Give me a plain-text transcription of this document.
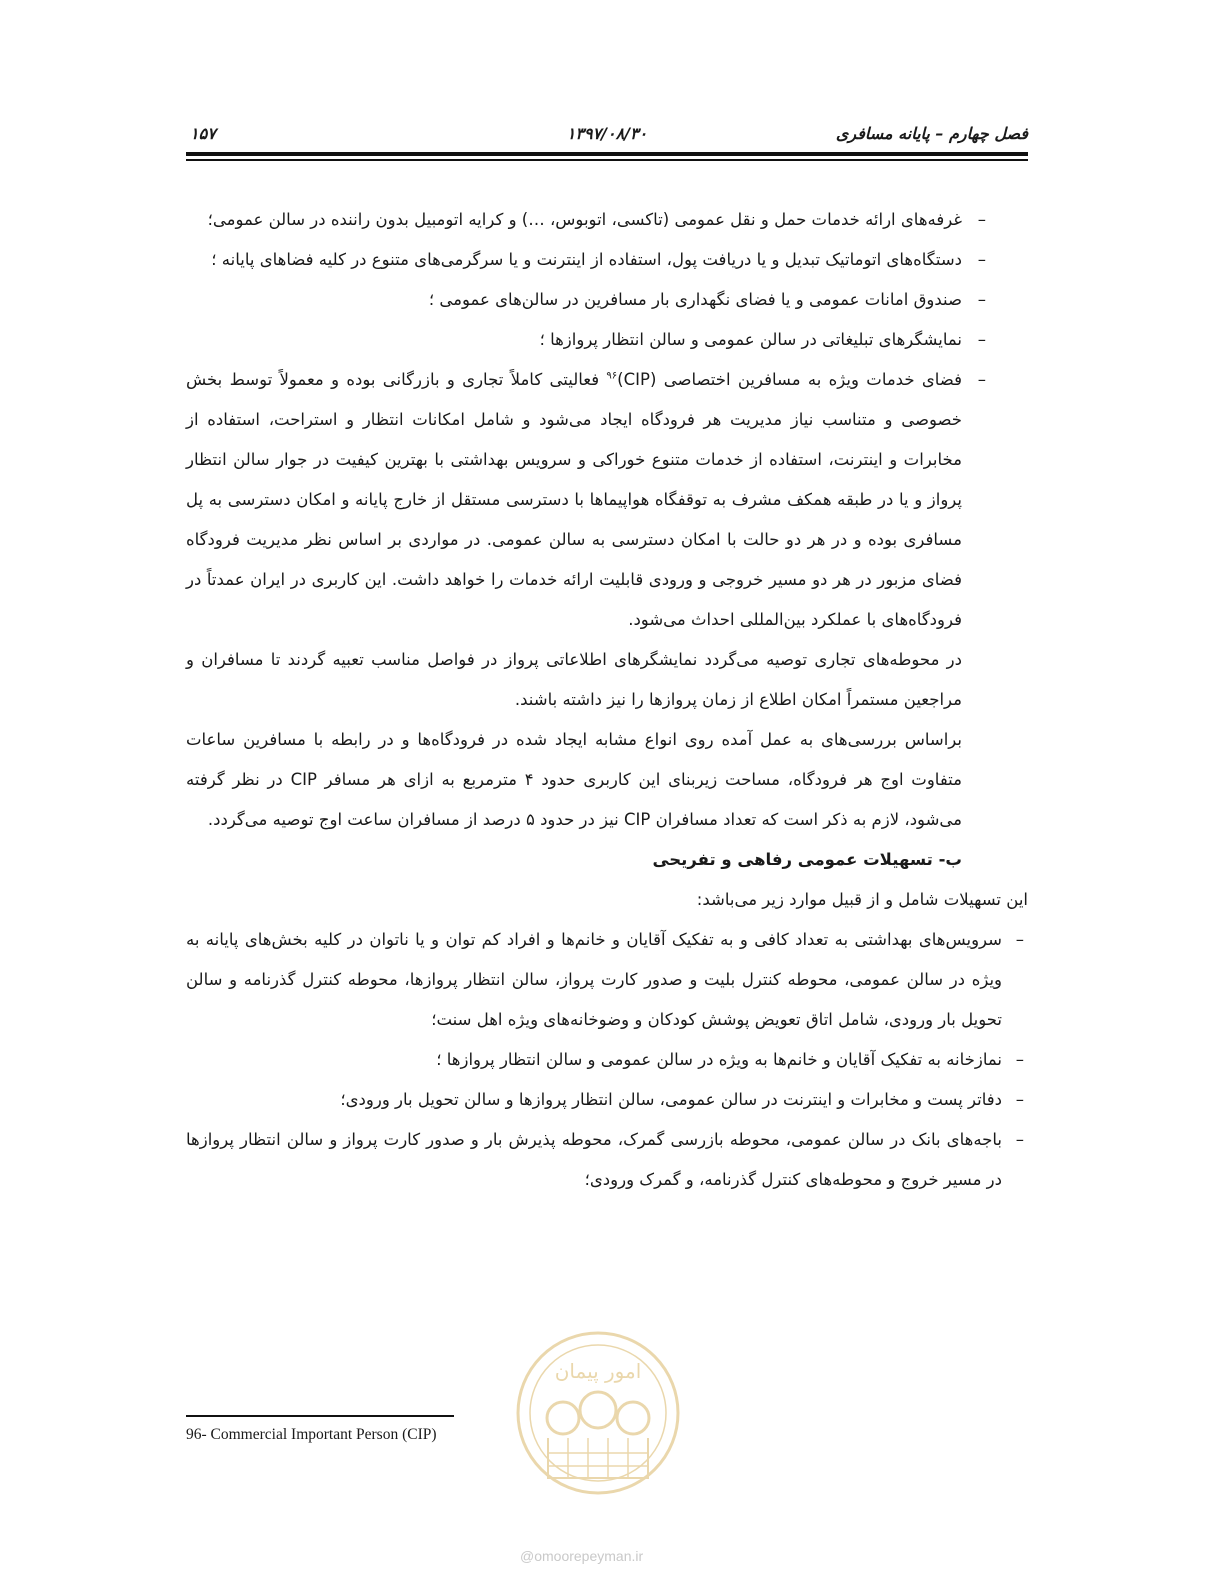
فصل چهارم – پایانه مسافری
۱۳۹۷/۰۸/۳۰
۱۵۷
–
غرفه‌های ارائه خدمات حمل و نقل عمومی (تاکسی، اتوبوس، …) و کرایه اتومبیل بدون راننده در سالن عمومی؛
–
دستگاه‌های اتوماتیک تبدیل و یا دریافت پول، استفاده از اینترنت و یا سرگرمی‌های متنوع در کلیه فضاهای پایانه ؛
–
صندوق امانات عمومی و یا فضای نگهداری بار مسافرین در سالن‌های عمومی ؛
–
نمایشگرهای تبلیغاتی در سالن عمومی و سالن انتظار پروازها ؛
–
فضای خدمات ویژه به مسافرین اختصاصی (CIP)$^{۹۶}$ فعالیتی کاملاً تجاری و بازرگانی بوده و معمولاً توسط بخش خصوصی و متناسب نیاز مدیریت هر فرودگاه ایجاد می‌شود و شامل امکانات انتظار و استراحت، استفاده از مخابرات و اینترنت، استفاده از خدمات متنوع خوراکی و سرویس بهداشتی با بهترین کیفیت در جوار سالن انتظار پرواز و یا در طبقه همکف مشرف به توقفگاه هواپیماها با دسترسی مستقل از خارج پایانه و امکان دسترسی به پل مسافری بوده و در هر دو حالت با امکان دسترسی به سالن عمومی. در مواردی بر اساس نظر مدیریت فرودگاه فضای مزبور در هر دو مسیر خروجی و ورودی قابلیت ارائه خدمات را خواهد داشت. این کاربری در ایران عمدتاً در فرودگاه‌های با عملکرد بین‌المللی احداث می‌شود.
در محوطه‌های تجاری توصیه می‌گردد نمایشگرهای اطلاعاتی پرواز در فواصل مناسب تعبیه گردند تا مسافران و مراجعین مستمراً امکان اطلاع از زمان پروازها را نیز داشته باشند.
براساس بررسی‌های به عمل آمده روی انواع مشابه ایجاد شده در فرودگاه‌ها و در رابطه با مسافرین ساعات متفاوت اوج هر فرودگاه، مساحت زیربنای این کاربری حدود ۴ مترمربع به ازای هر مسافر CIP در نظر گرفته می‌شود، لازم به ذکر است که تعداد مسافران CIP نیز در حدود ۵ درصد از مسافران ساعت اوج توصیه می‌گردد.
ب- تسهیلات عمومی رفاهی و تفریحی
این تسهیلات شامل و از قبیل موارد زیر می‌باشد:
–
سرویس‌های بهداشتی به تعداد کافی و به تفکیک آقایان و خانم‌ها و افراد کم توان و یا ناتوان در کلیه بخش‌های پایانه به ویژه در سالن عمومی، محوطه کنترل بلیت و صدور کارت پرواز، سالن انتظار پروازها، محوطه کنترل گذرنامه و سالن تحویل بار ورودی، شامل اتاق تعویض پوشش کودکان و وضوخانه‌های ویژه اهل سنت؛
–
نمازخانه به تفکیک آقایان و خانم‌ها به ویژه در سالن عمومی و سالن انتظار پروازها ؛
–
دفاتر پست و مخابرات و اینترنت در سالن عمومی، سالن انتظار پروازها و سالن تحویل بار ورودی؛
–
باجه‌های بانک در سالن عمومی، محوطه بازرسی گمرک، محوطه پذیرش بار و صدور کارت پرواز و سالن انتظار پروازها در مسیر خروج و محوطه‌های کنترل گذرنامه، و گمرک ورودی؛
96- Commercial Important Person (CIP)
امور پیمان
@omoorepeyman.ir
